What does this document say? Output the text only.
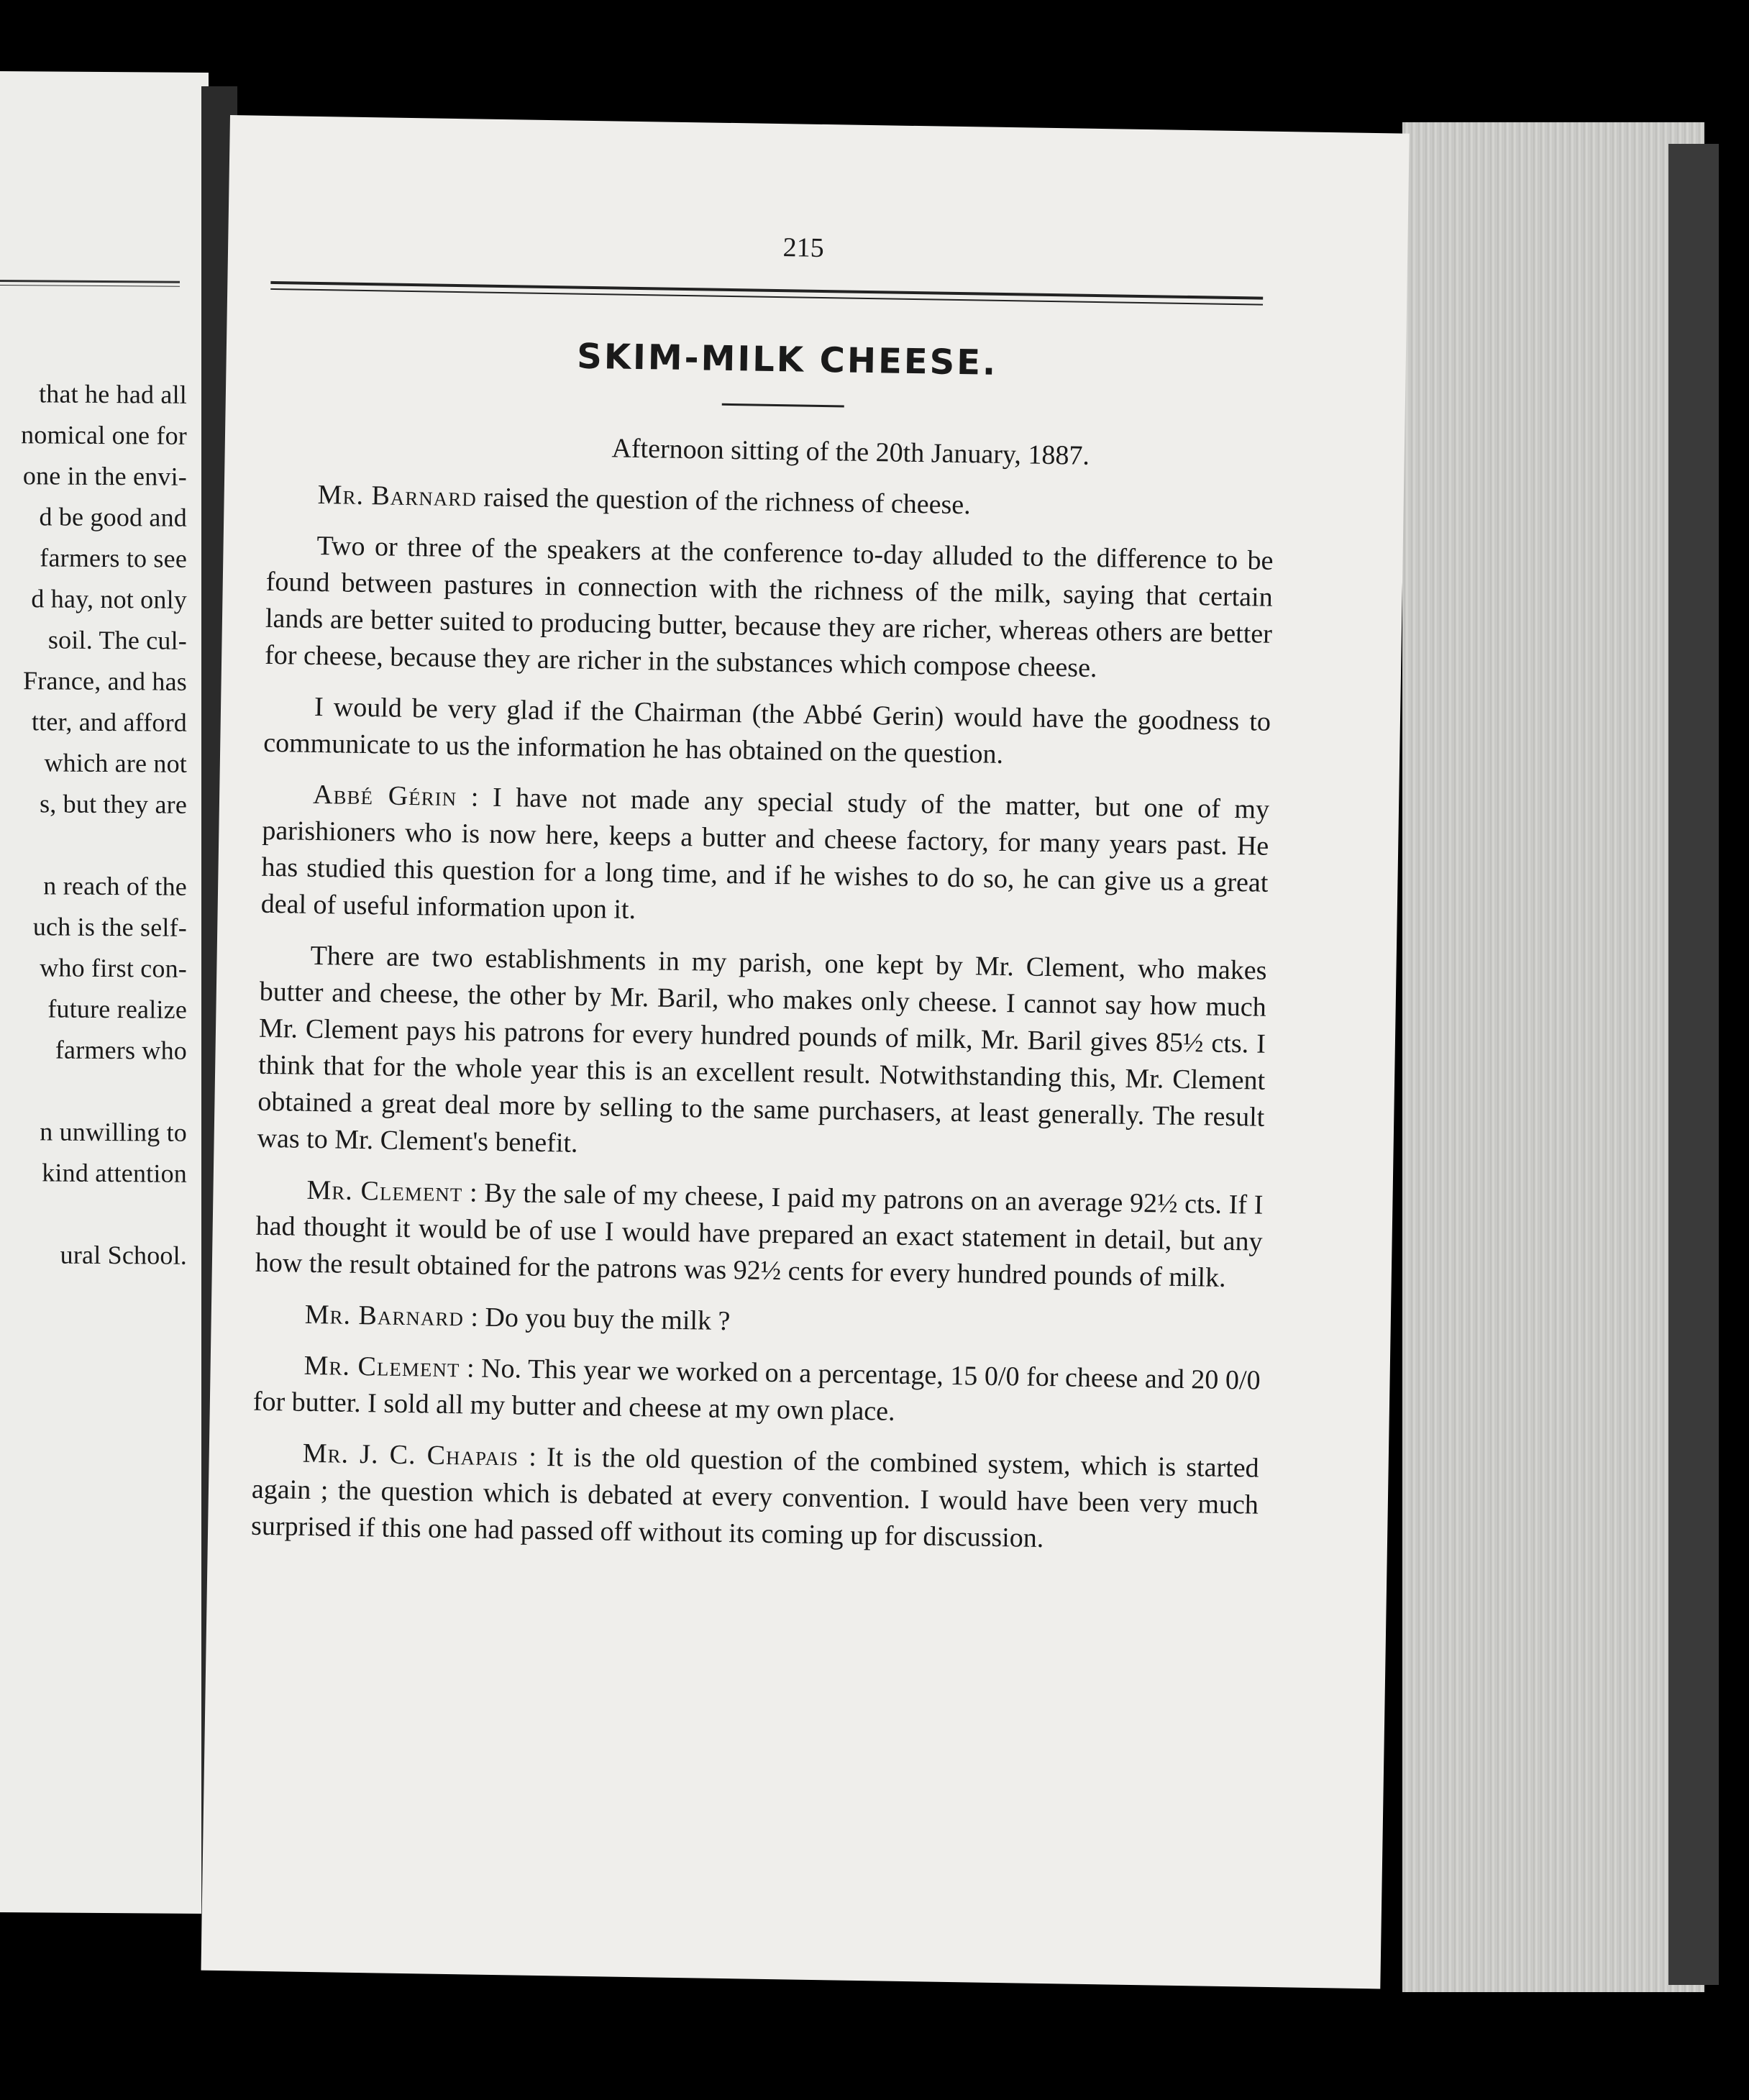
that he had all
nomical one for
one in the envi-
d be good and
farmers to see
d hay, not only
soil. The cul-
France, and has
tter, and afford
which are not
s, but they are
n reach of the
uch is the self-
who first con-
future realize
farmers who
n unwilling to
kind attention
ural School.
215
SKIM-MILK CHEESE.

Afternoon sitting of the 20th January, 1887.

Mr. Barnard raised the question of the richness of cheese.

Two or three of the speakers at the conference to-day alluded to the difference to be found between pastures in connection with the richness of the milk, saying that certain lands are better suited to producing butter, because they are richer, whereas others are better for cheese, because they are richer in the substances which compose cheese.

I would be very glad if the Chairman (the Abbé Gerin) would have the goodness to communicate to us the information he has obtained on the question.

Abbé Gérin : I have not made any special study of the matter, but one of my parishioners who is now here, keeps a butter and cheese factory, for many years past. He has studied this question for a long time, and if he wishes to do so, he can give us a great deal of useful information upon it.

There are two establishments in my parish, one kept by Mr. Clement, who makes butter and cheese, the other by Mr. Baril, who makes only cheese. I cannot say how much Mr. Clement pays his patrons for every hundred pounds of milk, Mr. Baril gives 85½ cts. I think that for the whole year this is an excellent result. Notwithstanding this, Mr. Clement obtained a great deal more by selling to the same purchasers, at least generally. The result was to Mr. Clement's benefit.

Mr. Clement : By the sale of my cheese, I paid my patrons on an average 92½ cts. If I had thought it would be of use I would have prepared an exact statement in detail, but any how the result obtained for the patrons was 92½ cents for every hundred pounds of milk.

Mr. Barnard : Do you buy the milk ?

Mr. Clement : No. This year we worked on a percentage, 15 0/0 for cheese and 20 0/0 for butter. I sold all my butter and cheese at my own place.

Mr. J. C. Chapais : It is the old question of the combined system, which is started again ; the question which is debated at every convention. I would have been very much surprised if this one had passed off without its coming up for discussion.
